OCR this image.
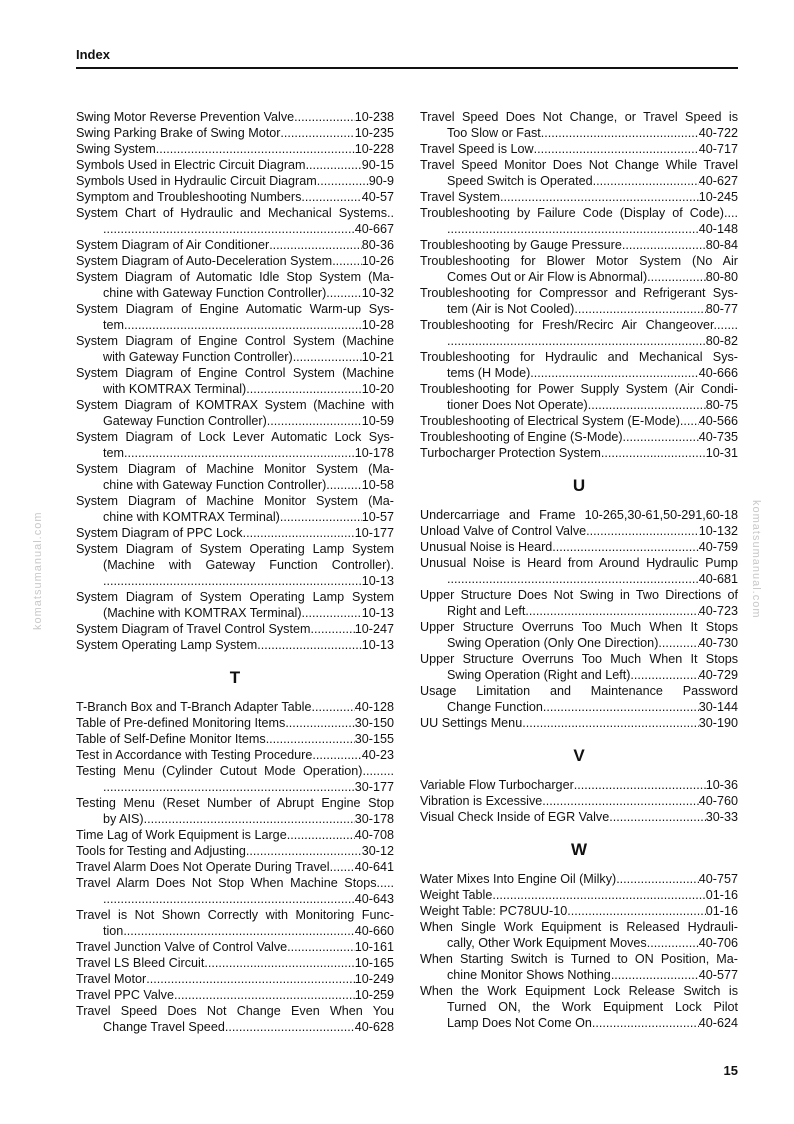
Index
Swing Motor Reverse Prevention Valve .....	10-238
Swing Parking Brake of Swing Motor .....	10-235
Swing System .....	10-228
Symbols Used in Electric Circuit Diagram .....	90-15
Symbols Used in Hydraulic Circuit Diagram .....	90-9
Symptom and Troubleshooting Numbers .....	40-57
System Chart of Hydraulic and Mechanical Systems..
.....
40-667
System Diagram of Air Conditioner .....	80-36
System Diagram of Auto-Deceleration System ..... 10-26
System Diagram of Automatic Idle Stop System (Ma-
chine with Gateway Function Controller) .....	10-32
System Diagram of Engine Automatic Warm-up Sys-
tem .....	10-28
System Diagram of Engine Control System (Machine
with Gateway Function Controller) .....	10-21
System Diagram of Engine Control System (Machine
with KOMTRAX Terminal) .....	10-20
System Diagram of KOMTRAX System (Machine with
Gateway Function Controller) .....	10-59
System Diagram of Lock Lever Automatic Lock Sys-
tem .....	10-178
System Diagram of Machine Monitor System (Ma-
chine with Gateway Function Controller) .....	10-58
System Diagram of Machine Monitor System (Ma-
chine with KOMTRAX Terminal) .....	10-57
System Diagram of PPC Lock .....	10-177
System Diagram of System Operating Lamp System
(Machine with Gateway Function Controller).
.....
10-13
System Diagram of System Operating Lamp System
(Machine with KOMTRAX Terminal) .....	10-13
System Diagram of Travel Control System .....	10-247
System Operating Lamp System .....	10-13
T
T-Branch Box and T-Branch Adapter Table .....	40-128
Table of Pre-defined Monitoring Items .....	30-150
Table of Self-Define Monitor Items .....	30-155
Test in Accordance with Testing Procedure .....	40-23
Testing Menu (Cylinder Cutout Mode Operation).........
.....
30-177
Testing Menu (Reset Number of Abrupt Engine Stop
by AIS) .....	30-178
Time Lag of Work Equipment is Large .....	40-708
Tools for Testing and Adjusting .....	30-12
Travel Alarm Does Not Operate During Travel. ..... 40-641
Travel Alarm Does Not Stop When Machine Stops.....
.....
40-643
Travel is Not Shown Correctly with Monitoring Func-
tion .....	40-660
Travel Junction Valve of Control Valve .....	10-161
Travel LS Bleed Circuit .....	10-165
Travel Motor .....	10-249
Travel PPC Valve .....	10-259
Travel Speed Does Not Change Even When You
Change Travel Speed .....	40-628
Travel Speed Does Not Change, or Travel Speed is
Too Slow or Fast .....	40-722
Travel Speed is Low .....	40-717
Travel Speed Monitor Does Not Change While Travel
Speed Switch is Operated .....	40-627
Travel System .....	10-245
Troubleshooting by Failure Code (Display of Code)....
.....
40-148
Troubleshooting by Gauge Pressure .....	80-84
Troubleshooting for Blower Motor System (No Air
Comes Out or Air Flow is Abnormal) .....	80-80
Troubleshooting for Compressor and Refrigerant Sys-
tem (Air is Not Cooled) .....	80-77
Troubleshooting for Fresh/Recirc Air Changeover.......
.....
80-82
Troubleshooting for Hydraulic and Mechanical Sys-
tems (H Mode) .....	40-666
Troubleshooting for Power Supply System (Air Condi-
tioner Does Not Operate) .....	80-75
Troubleshooting of Electrical System (E-Mode) ..... 40-566
Troubleshooting of Engine (S-Mode) .....	40-735
Turbocharger Protection System .....	10-31
U
Undercarriage and Frame 10-265,30-61,50-291,60-18
Unload Valve of Control Valve .....	10-132
Unusual Noise is Heard .....	40-759
Unusual Noise is Heard from Around Hydraulic Pump
.....
40-681
Upper Structure Does Not Swing in Two Directions of
Right and Left .....	40-723
Upper Structure Overruns Too Much When It Stops
Swing Operation (Only One Direction) .....	40-730
Upper Structure Overruns Too Much When It Stops
Swing Operation (Right and Left) .....	40-729
Usage Limitation and Maintenance Password
Change Function .....	30-144
UU Settings Menu .....	30-190
V
Variable Flow Turbocharger .....	10-36
Vibration is Excessive .....	40-760
Visual Check Inside of EGR Valve .....	30-33
W
Water Mixes Into Engine Oil (Milky) .....	40-757
Weight Table .....	01-16
Weight Table: PC78UU-10 .....	01-16
When Single Work Equipment is Released Hydrauli-
cally, Other Work Equipment Moves .....	40-706
When Starting Switch is Turned to ON Position, Ma-
chine Monitor Shows Nothing .....	40-577
When the Work Equipment Lock Release Switch is
Turned ON, the Work Equipment Lock Pilot
Lamp Does Not Come On .....	40-624
komatsumanual.com	komatsumanual.com
15
